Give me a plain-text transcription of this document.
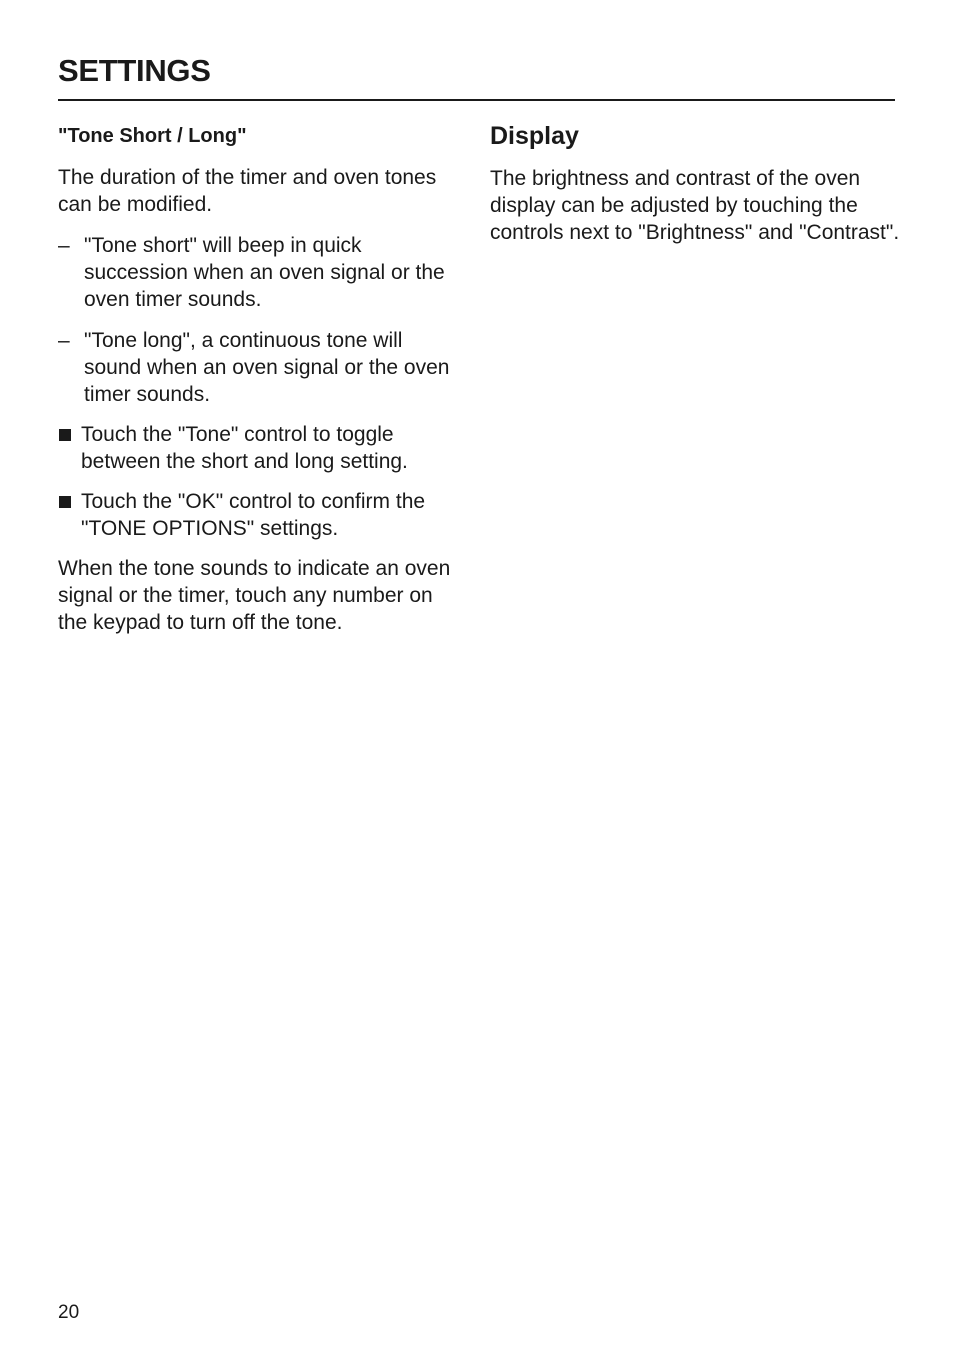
SETTINGS

"Tone Short / Long"

The duration of the timer and oven tones can be modified.

– "Tone short" will beep in quick succession when an oven signal or the oven timer sounds.
– "Tone long", a continuous tone will sound when an oven signal or the oven timer sounds.
Touch the "Tone" control to toggle between the short and long setting.
Touch the "OK" control to confirm the "TONE OPTIONS" settings.

When the tone sounds to indicate an oven signal or the timer, touch any number on the keypad to turn off the tone.

Display

The brightness and contrast of the oven display can be adjusted by touching the controls next to "Brightness" and "Contrast".

20
